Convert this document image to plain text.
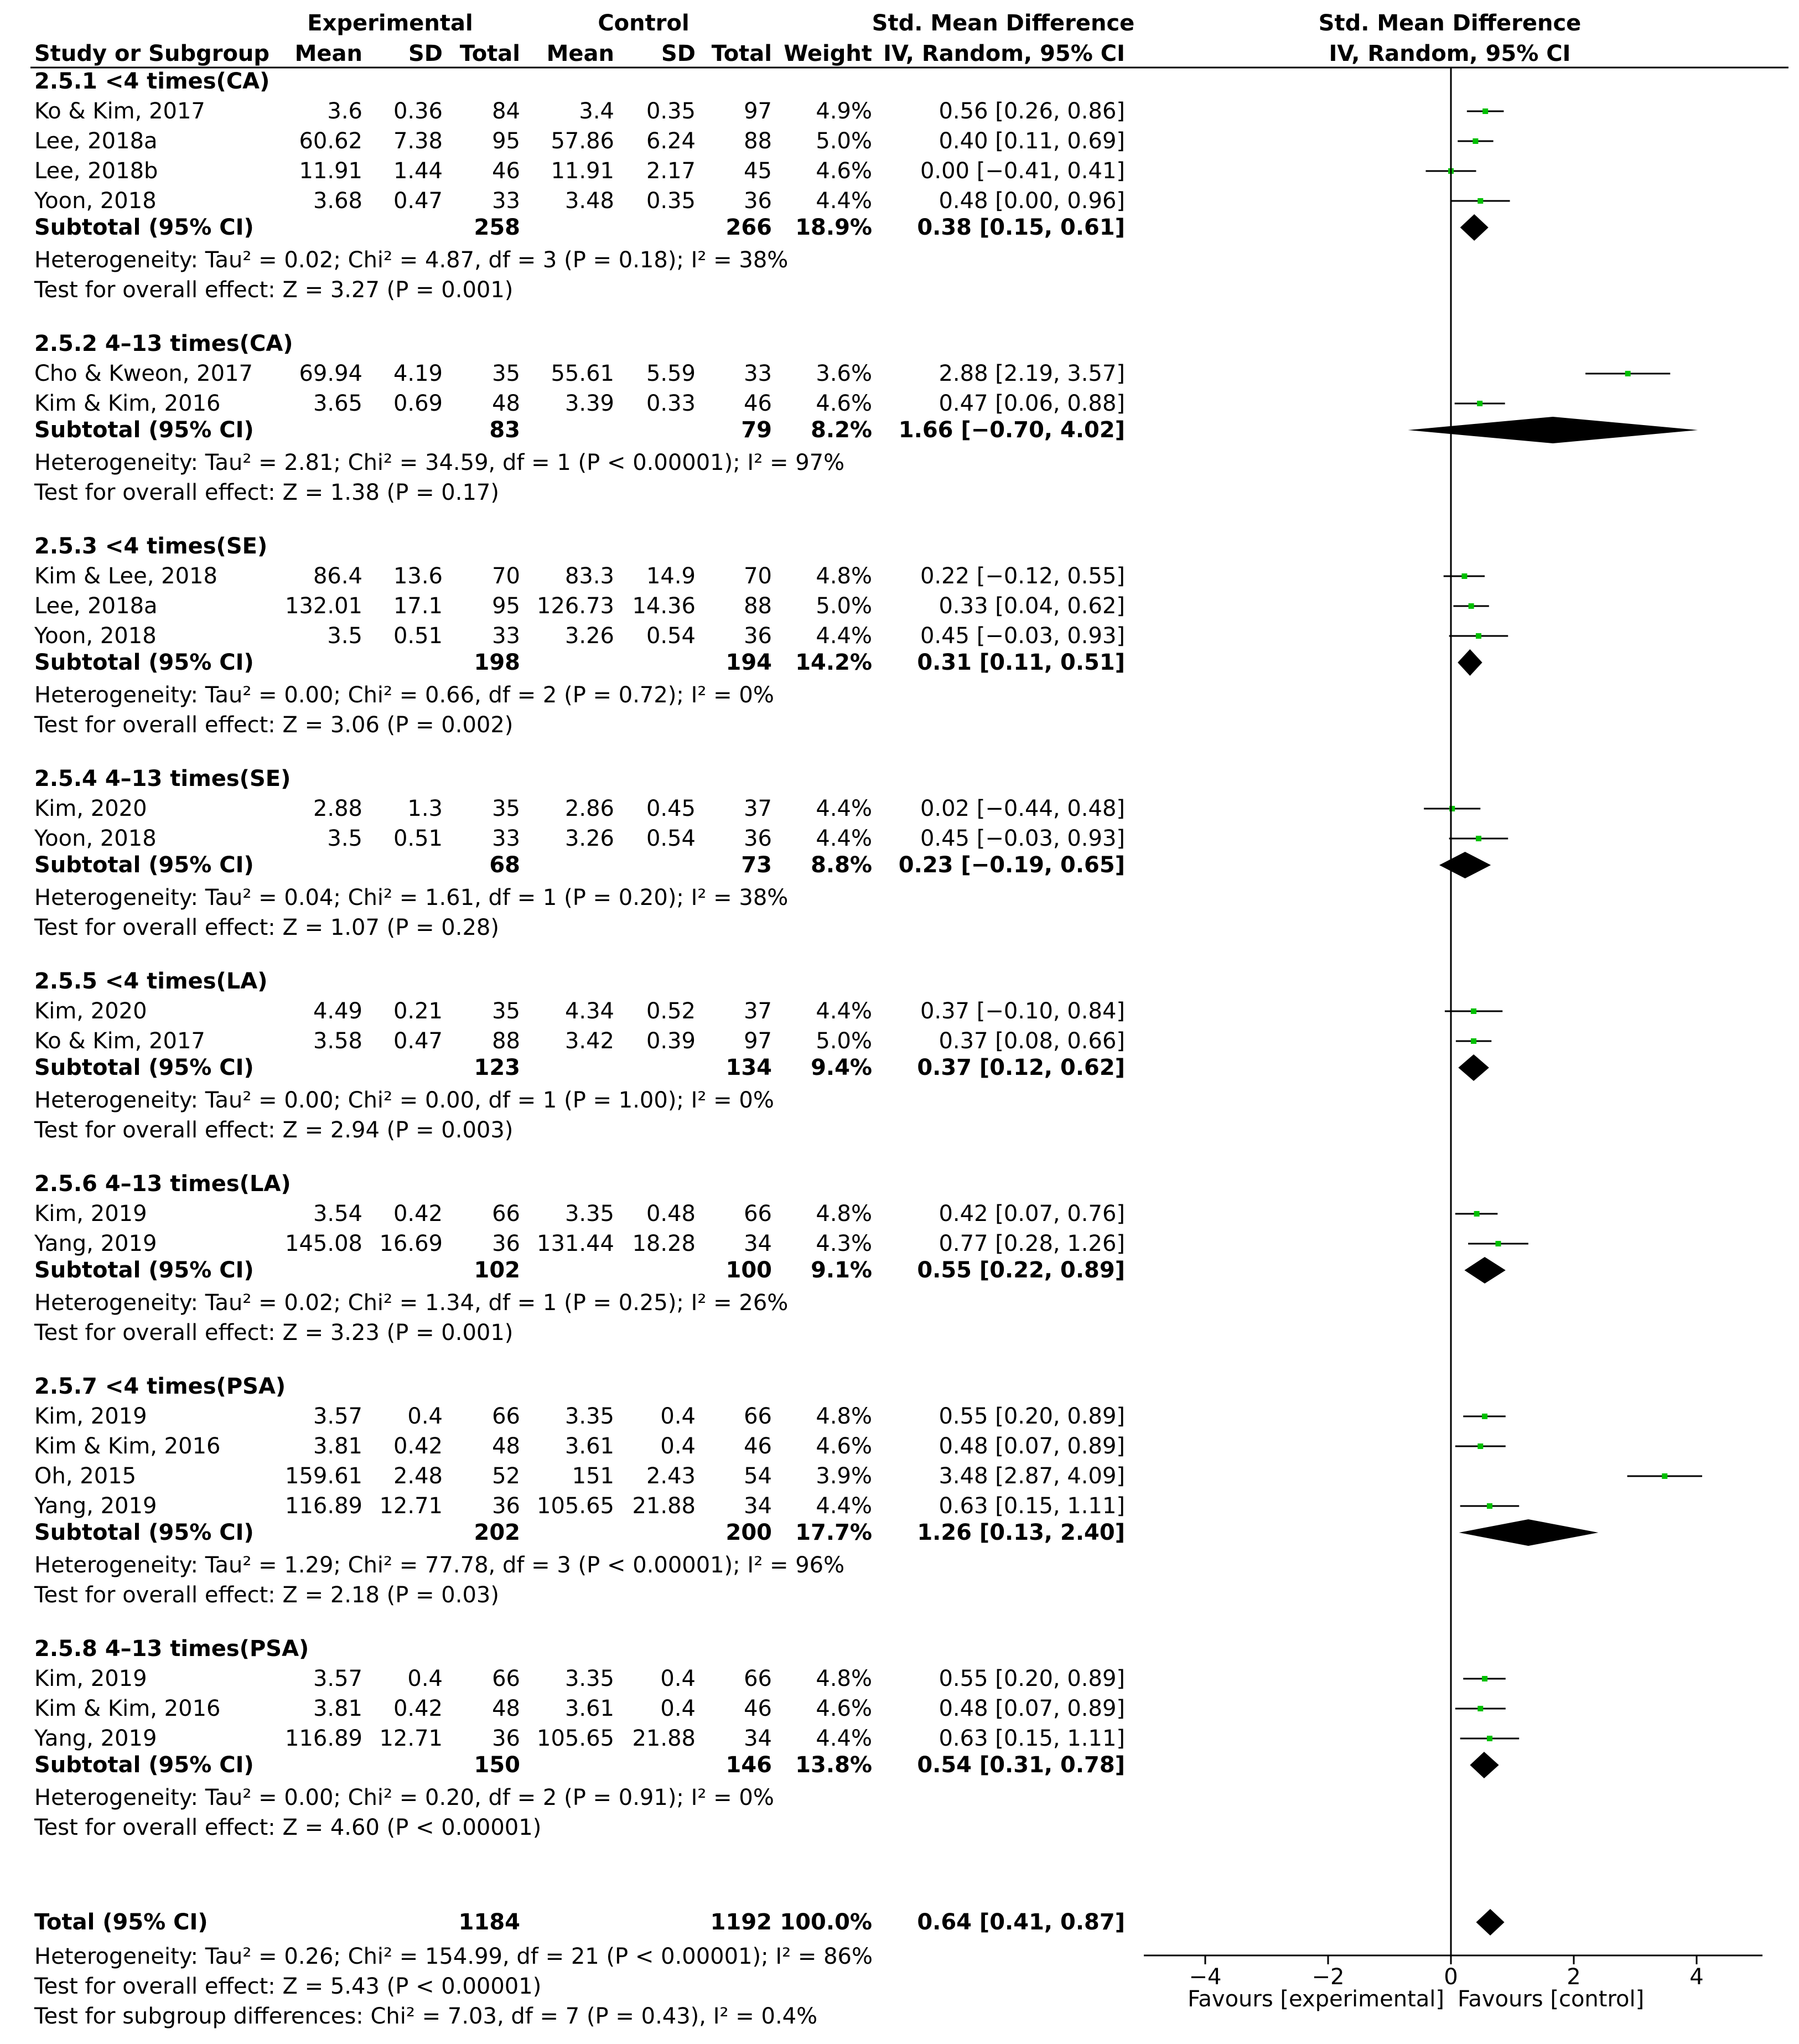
Experimental	Control	Std. Mean Difference	Std. Mean Difference
Study or Subgroup Mean SD Total Mean SD Total Weight IV, Random, 95% CI	IV, Random, 95% CI
2.5.1 <4 times(CA)
Ko & Kim, 2017	3.6 0.36 84	3.4 0.35 97 4.9%	0.56 [0.26, 0.86]
Lee, 2018a	60.62 7.38 95 57.86 6.24 88 5.0%	0.40 [0.11, 0.69]
Lee, 2018b	11.91 1.44 46 11.91 2.17 45 4.6% 0.00 [−0.41, 0.41]
Yoon, 2018	3.68 0.47 33 3.48 0.35 36 4.4%	0.48 [0.00, 0.96]
Subtotal (95% CI)	258	266 18.9% 0.38 [0.15, 0.61]
Heterogeneity: Tau² = 0.02; Chi² = 4.87, df = 3 (P = 0.18); I² = 38%
Test for overall effect: Z = 3.27 (P = 0.001)
2.5.2 4–13 times(CA)
Cho & Kweon, 2017 69.94 4.19 35 55.61 5.59 33 3.6%	2.88 [2.19, 3.57]
Kim & Kim, 2016	3.65 0.69 48 3.39 0.33 46 4.6%	0.47 [0.06, 0.88]
Subtotal (95% CI)	83	79 8.2% 1.66 [−0.70, 4.02]
Heterogeneity: Tau² = 2.81; Chi² = 34.59, df = 1 (P < 0.00001); I² = 97%
Test for overall effect: Z = 1.38 (P = 0.17)
2.5.3 <4 times(SE)
Kim & Lee, 2018	86.4 13.6 70 83.3 14.9 70 4.8% 0.22 [−0.12, 0.55]
Lee, 2018a	132.01 17.1 95 126.73 14.36 88 5.0%	0.33 [0.04, 0.62]
Yoon, 2018	3.5 0.51 33 3.26 0.54 36 4.4% 0.45 [−0.03, 0.93]
Subtotal (95% CI)	198	194 14.2% 0.31 [0.11, 0.51]
Heterogeneity: Tau² = 0.00; Chi² = 0.66, df = 2 (P = 0.72); I² = 0%
Test for overall effect: Z = 3.06 (P = 0.002)
2.5.4 4–13 times(SE)
Kim, 2020	2.88 1.3 35 2.86 0.45 37 4.4% 0.02 [−0.44, 0.48]
Yoon, 2018	3.5 0.51 33 3.26 0.54 36 4.4% 0.45 [−0.03, 0.93]
Subtotal (95% CI)	68	73 8.8% 0.23 [−0.19, 0.65]
Heterogeneity: Tau² = 0.04; Chi² = 1.61, df = 1 (P = 0.20); I² = 38%
Test for overall effect: Z = 1.07 (P = 0.28)
2.5.5 <4 times(LA)
Kim, 2020	4.49 0.21 35 4.34 0.52 37 4.4% 0.37 [−0.10, 0.84]
Ko & Kim, 2017	3.58 0.47 88 3.42 0.39 97 5.0%	0.37 [0.08, 0.66]
Subtotal (95% CI)	123	134 9.4% 0.37 [0.12, 0.62]
Heterogeneity: Tau² = 0.00; Chi² = 0.00, df = 1 (P = 1.00); I² = 0%
Test for overall effect: Z = 2.94 (P = 0.003)
2.5.6 4–13 times(LA)
Kim, 2019	3.54 0.42 66 3.35 0.48 66 4.8%	0.42 [0.07, 0.76]
Yang, 2019	145.08 16.69 36 131.44 18.28 34 4.3%	0.77 [0.28, 1.26]
Subtotal (95% CI)	102	100 9.1% 0.55 [0.22, 0.89]
Heterogeneity: Tau² = 0.02; Chi² = 1.34, df = 1 (P = 0.25); I² = 26%
Test for overall effect: Z = 3.23 (P = 0.001)
2.5.7 <4 times(PSA)
Kim, 2019	3.57 0.4 66 3.35 0.4 66 4.8%	0.55 [0.20, 0.89]
Kim & Kim, 2016	3.81 0.42 48 3.61 0.4 46 4.6%	0.48 [0.07, 0.89]
Oh, 2015	159.61 2.48 52 151 2.43 54 3.9%	3.48 [2.87, 4.09]
Yang, 2019	116.89 12.71 36 105.65 21.88 34 4.4%	0.63 [0.15, 1.11]
Subtotal (95% CI)	202	200 17.7% 1.26 [0.13, 2.40]
Heterogeneity: Tau² = 1.29; Chi² = 77.78, df = 3 (P < 0.00001); I² = 96%
Test for overall effect: Z = 2.18 (P = 0.03)
2.5.8 4–13 times(PSA)
Kim, 2019	3.57 0.4 66 3.35 0.4 66 4.8%	0.55 [0.20, 0.89]
Kim & Kim, 2016	3.81 0.42 48 3.61 0.4 46 4.6%	0.48 [0.07, 0.89]
Yang, 2019	116.89 12.71 36 105.65 21.88 34 4.4%	0.63 [0.15, 1.11]
Subtotal (95% CI)	150	146 13.8% 0.54 [0.31, 0.78]
Heterogeneity: Tau² = 0.00; Chi² = 0.20, df = 2 (P = 0.91); I² = 0%
Test for overall effect: Z = 4.60 (P < 0.00001)
Total (95% CI)	1184	1192 100.0% 0.64 [0.41, 0.87]
Heterogeneity: Tau² = 0.26; Chi² = 154.99, df = 21 (P < 0.00001); I² = 86%
Test for overall effect: Z = 5.43 (P < 0.00001)
Test for subgroup differences: Chi² = 7.03, df = 7 (P = 0.43), I² = 0.4%
−4	−2	0	2	4
Favours [experimental] Favours [control]
